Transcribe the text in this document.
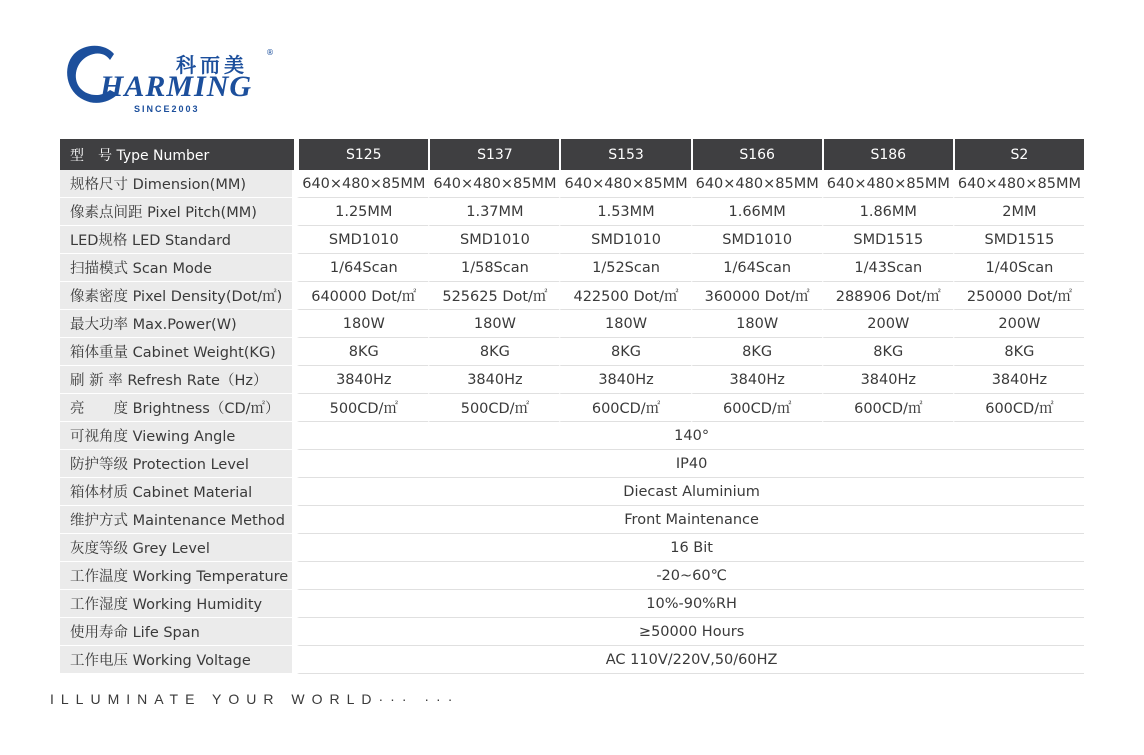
科而美
®
HARMING
SINCE2003
型　号 Type Number	S125	S137	S153	S166	S186	S2
规格尺寸 Dimension(MM)	640×480×85MM	640×480×85MM	640×480×85MM	640×480×85MM	640×480×85MM	640×480×85MM
像素点间距 Pixel Pitch(MM)	1.25MM	1.37MM	1.53MM	1.66MM	1.86MM	2MM
LED规格 LED Standard	SMD1010	SMD1010	SMD1010	SMD1010	SMD1515	SMD1515
扫描模式 Scan Mode	1/64Scan	1/58Scan	1/52Scan	1/64Scan	1/43Scan	1/40Scan
像素密度 Pixel Density(Dot/㎡)	640000 Dot/㎡	525625 Dot/㎡	422500 Dot/㎡	360000 Dot/㎡	288906 Dot/㎡	250000 Dot/㎡
最大功率 Max.Power(W)	180W	180W	180W	180W	200W	200W
箱体重量 Cabinet Weight(KG)	8KG	8KG	8KG	8KG	8KG	8KG
刷 新 率 Refresh Rate（Hz）	3840Hz	3840Hz	3840Hz	3840Hz	3840Hz	3840Hz
亮　　度 Brightness（CD/㎡）	500CD/㎡	500CD/㎡	600CD/㎡	600CD/㎡	600CD/㎡	600CD/㎡
可视角度 Viewing Angle	140°					
防护等级 Protection Level	IP40					
箱体材质 Cabinet Material	Diecast Aluminium					
维护方式 Maintenance Method	Front Maintenance					
灰度等级 Grey Level	16 Bit					
工作温度 Working Temperature	-20~60℃					
工作湿度 Working Humidity	10%-90%RH					
使用寿命 Life Span	≥50000 Hours					
工作电压 Working Voltage	AC 110V/220V,50/60HZ					
ILLUMINATE YOUR WORLD··· ···
